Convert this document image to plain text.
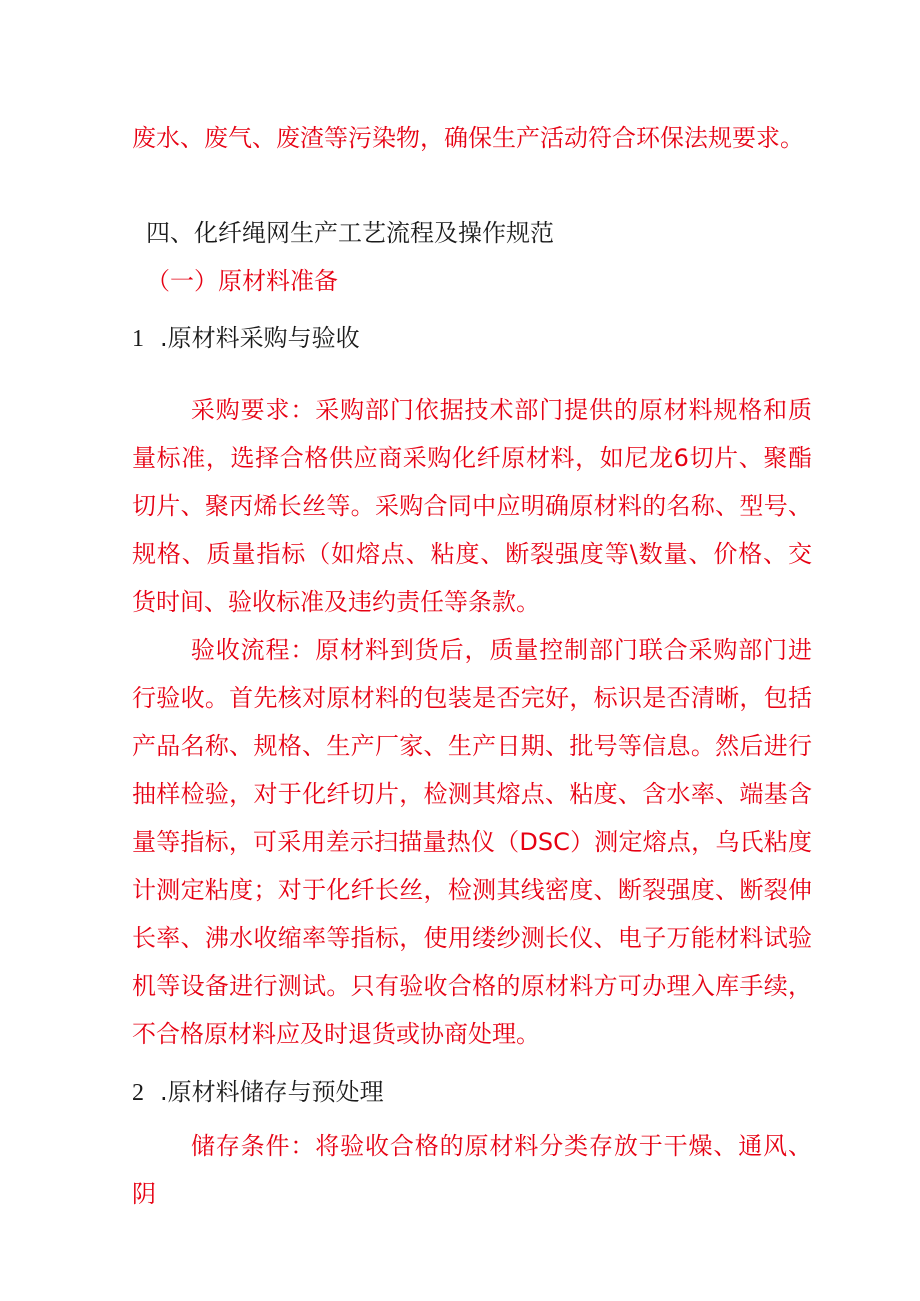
废水、废气、废渣等污染物，确保生产活动符合环保法规要求。
四、化纤绳网生产工艺流程及操作规范
（一）原材料准备
1 .原材料采购与验收
采购要求：采购部门依据技术部门提供的原材料规格和质量标准，选择合格供应商采购化纤原材料，如尼龙6切片、聚酯切片、聚丙烯长丝等。采购合同中应明确原材料的名称、型号、规格、质量指标（如熔点、粘度、断裂强度等\数量、价格、交货时间、验收标准及违约责任等条款。
验收流程：原材料到货后，质量控制部门联合采购部门进行验收。首先核对原材料的包装是否完好，标识是否清晰，包括产品名称、规格、生产厂家、生产日期、批号等信息。然后进行抽样检验，对于化纤切片，检测其熔点、粘度、含水率、端基含量等指标，可采用差示扫描量热仪（DSC）测定熔点，乌氏粘度计测定粘度；对于化纤长丝，检测其线密度、断裂强度、断裂伸长率、沸水收缩率等指标，使用缕纱测长仪、电子万能材料试验机等设备进行测试。只有验收合格的原材料方可办理入库手续，不合格原材料应及时退货或协商处理。
2 .原材料储存与预处理
储存条件：将验收合格的原材料分类存放于干燥、通风、阴
